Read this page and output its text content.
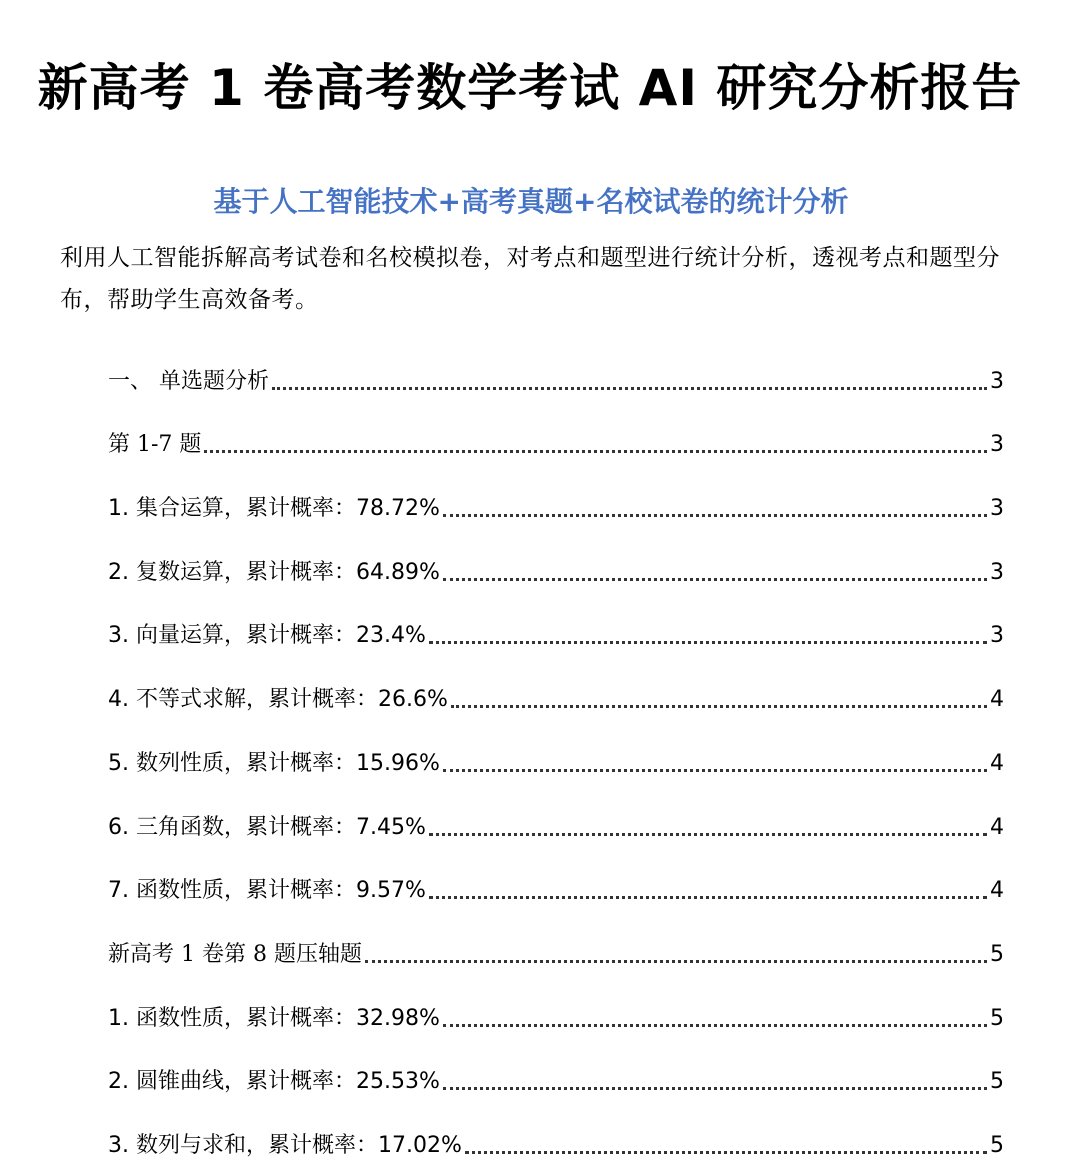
新高考 1 卷高考数学考试 AI 研究分析报告
基于人工智能技术+高考真题+名校试卷的统计分析
利用人工智能拆解高考试卷和名校模拟卷，对考点和题型进行统计分析，透视考点和题型分布，帮助学生高效备考。
一、 单选题分析	3
第 1-7 题	3
1. 集合运算，累计概率：78.72%	3
2. 复数运算，累计概率：64.89%	3
3. 向量运算，累计概率：23.4%	3
4. 不等式求解，累计概率：26.6%	4
5. 数列性质，累计概率：15.96%	4
6. 三角函数，累计概率：7.45%	4
7. 函数性质，累计概率：9.57%	4
新高考 1 卷第 8 题压轴题	5
1. 函数性质，累计概率：32.98%	5
2. 圆锥曲线，累计概率：25.53%	5
3. 数列与求和，累计概率：17.02%	5
